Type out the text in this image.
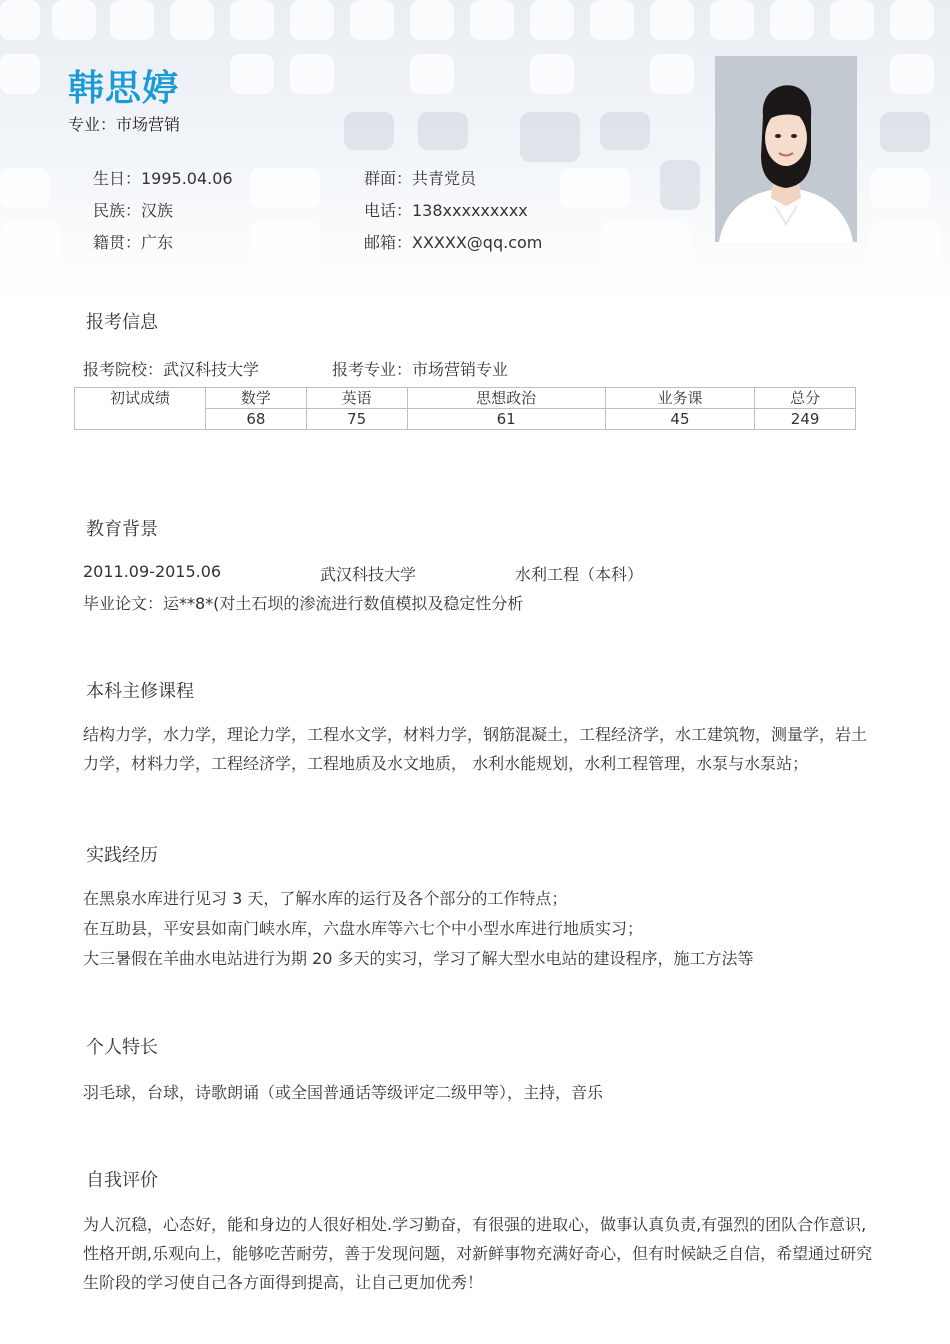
韩思婷
专业：市场营销
生日：1995.04.06
民族：汉族
籍贯：广东
群面：共青党员
电话：138xxxxxxxxx
邮箱：XXXXX@qq.com
报考信息
报考院校：武汉科技大学	报考专业：市场营销专业
初试成绩	数学	英语	思想政治	业务课	总分
	68	75	61	45	249
教育背景
2011.09-2015.06	武汉科技大学	水利工程（本科）
毕业论文：运**8*(对土石坝的渗流进行数值模拟及稳定性分析
本科主修课程
结构力学，水力学，理论力学，工程水文学，材料力学，钢筋混凝土，工程经济学，水工建筑物，测量学，岩土力学，材料力学，工程经济学，工程地质及水文地质， 水利水能规划，水利工程管理，水泵与水泵站；
实践经历
在黑泉水库进行见习 3 天，了解水库的运行及各个部分的工作特点；
在互助县，平安县如南门峡水库，六盘水库等六七个中小型水库进行地质实习；
大三暑假在羊曲水电站进行为期 20 多天的实习，学习了解大型水电站的建设程序，施工方法等
个人特长
羽毛球，台球，诗歌朗诵（或全国普通话等级评定二级甲等），主持，音乐
自我评价
为人沉稳，心态好，能和身边的人很好相处.学习勤奋，有很强的进取心，做事认真负责,有强烈的团队合作意识,性格开朗,乐观向上，能够吃苦耐劳，善于发现问题，对新鲜事物充满好奇心，但有时候缺乏自信，希望通过研究生阶段的学习使自己各方面得到提高，让自己更加优秀！
